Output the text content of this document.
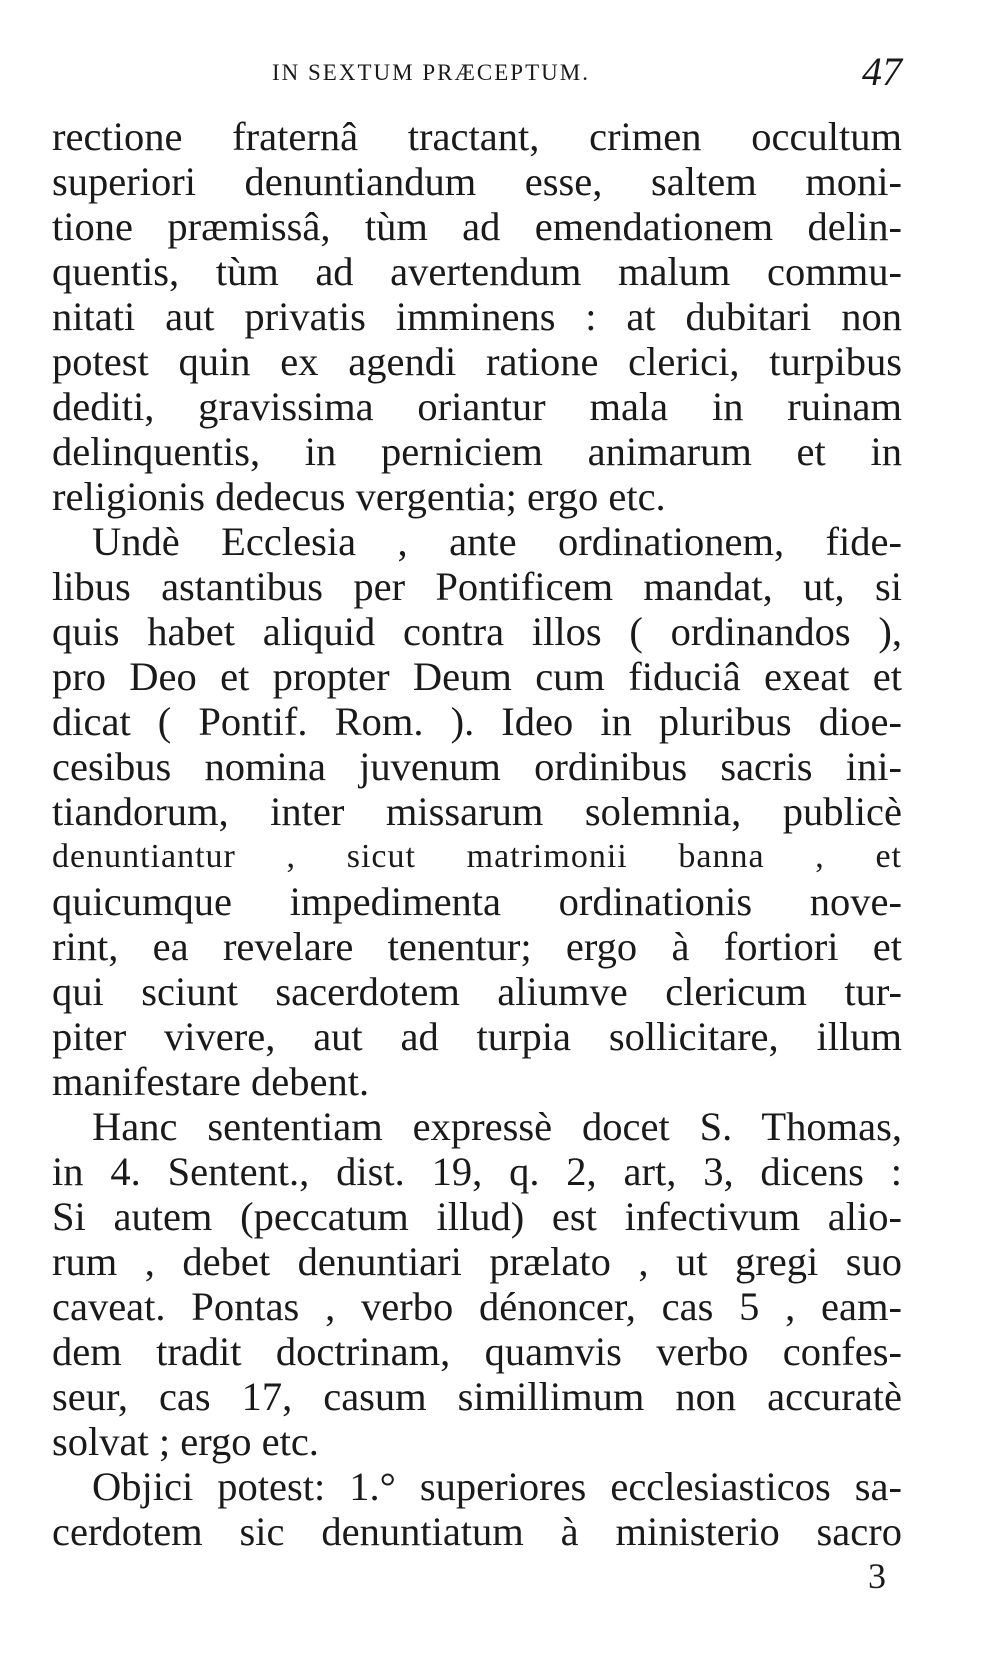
IN SEXTUM PRÆCEPTUM.	47
rectione fraternâ tractant, crimen occultum
superiori denuntiandum esse, saltem moni-
tione præmissâ, tùm ad emendationem delin-
quentis, tùm ad avertendum malum commu-
nitati aut privatis imminens : at dubitari non
potest quin ex agendi ratione clerici, turpibus
dediti, gravissima oriantur mala in ruinam
delinquentis, in perniciem animarum et in
religionis dedecus vergentia; ergo etc.
Undè Ecclesia , ante ordinationem, fide-
libus astantibus per Pontificem mandat, ut, si
quis habet aliquid contra illos ( ordinandos ),
pro Deo et propter Deum cum fiduciâ exeat et
dicat ( Pontif. Rom. ). Ideo in pluribus dioe-
cesibus nomina juvenum ordinibus sacris ini-
tiandorum, inter missarum solemnia, publicè
denuntiantur , sicut matrimonii banna , et
quicumque impedimenta ordinationis nove-
rint, ea revelare tenentur; ergo à fortiori et
qui sciunt sacerdotem aliumve clericum tur-
piter vivere, aut ad turpia sollicitare, illum
manifestare debent.
Hanc sententiam expressè docet S. Thomas,
in 4. Sentent., dist. 19, q. 2, art, 3, dicens :
Si autem (peccatum illud) est infectivum alio-
rum , debet denuntiari prælato , ut gregi suo
caveat. Pontas , verbo dénoncer, cas 5 , eam-
dem tradit doctrinam, quamvis verbo confes-
seur, cas 17, casum simillimum non accuratè
solvat ; ergo etc.
Objici potest: 1.° superiores ecclesiasticos sa-
cerdotem sic denuntiatum à ministerio sacro
3
